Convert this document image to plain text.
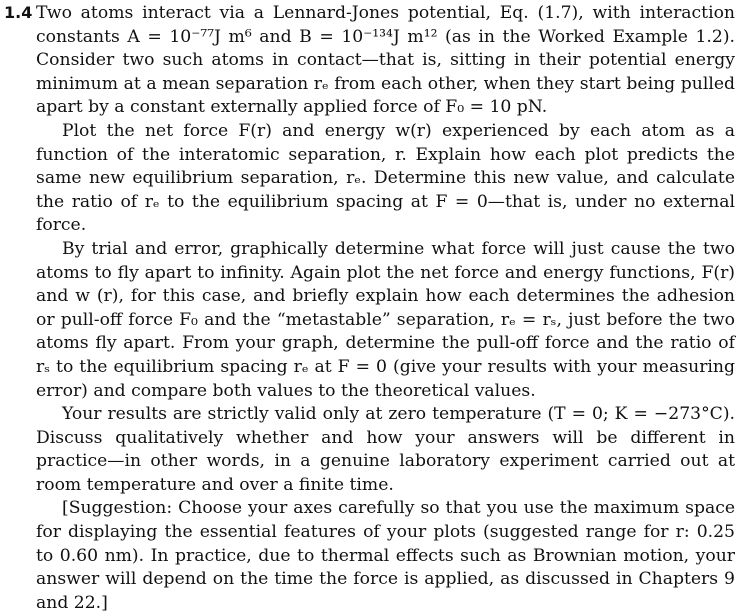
1.4 Two atoms interact via a Lennard-Jones potential, Eq. (1.7), with interaction constants A = 10⁻⁷⁷J m⁶ and B = 10⁻¹³⁴J m¹² (as in the Worked Example 1.2). Consider two such atoms in contact—that is, sitting in their potential energy minimum at a mean separation rₑ from each other, when they start being pulled apart by a constant externally applied force of F₀ = 10 pN.

Plot the net force F(r) and energy w(r) experienced by each atom as a function of the interatomic separation, r. Explain how each plot predicts the same new equilibrium separation, rₑ. Determine this new value, and calculate the ratio of rₑ to the equilibrium spacing at F = 0—that is, under no external force.

By trial and error, graphically determine what force will just cause the two atoms to fly apart to infinity. Again plot the net force and energy functions, F(r) and w (r), for this case, and briefly explain how each determines the adhesion or pull-off force F₀ and the “metastable” separation, rₑ = rₛ, just before the two atoms fly apart. From your graph, determine the pull-off force and the ratio of rₛ to the equilibrium spacing rₑ at F = 0 (give your results with your measuring error) and compare both values to the theoretical values.

Your results are strictly valid only at zero temperature (T = 0; K = −273°C). Discuss qualitatively whether and how your answers will be different in practice—in other words, in a genuine laboratory experiment carried out at room temperature and over a finite time.

[Suggestion: Choose your axes carefully so that you use the maximum space for displaying the essential features of your plots (suggested range for r: 0.25 to 0.60 nm). In practice, due to thermal effects such as Brownian motion, your answer will depend on the time the force is applied, as discussed in Chapters 9 and 22.]
